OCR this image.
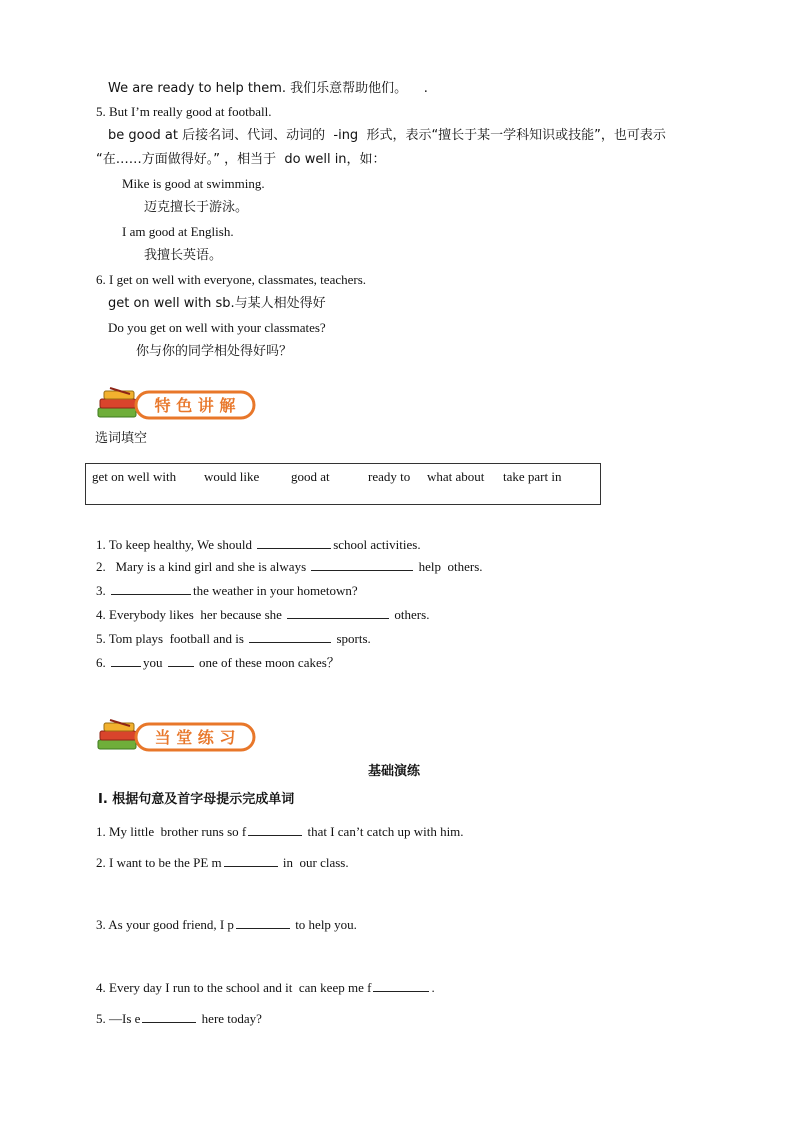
We are ready to help them. 我们乐意帮助他们。    .
5. But I’m really good at football.
be good at 后接名词、代词、动词的  -ing  形式，表示“擅长于某一学科知识或技能”，也可表示
“在……方面做得好。” ，相当于  do well in，如：
Mike is good at swimming.
迈克擅长于游泳。
I am good at English.
我擅长英语。
6. I get on well with everyone, classmates, teachers.
get on well with sb.与某人相处得好
Do you get on well with your classmates?
你与你的同学相处得好吗？
特 色 讲 解
选词填空
get on well with would like good at	ready to what about take part in
1. To keep healthy, We should	school activities.
2.   Mary is a kind girl and she is always	help  others.
3.	the weather in your hometown?
4. Everybody likes  her because she	others.
5. Tom plays  football and is	sports.
6.	you  one of these moon cakes？
当 堂 练 习
基础演练
Ⅰ. 根据句意及首字母提示完成单词
1. My little  brother runs so f	that I can’t catch up with him.
2. I want to be the PE m	in  our class.
3. As your good friend, I p	to help you.
4. Every day I run to the school and it  can keep me f	.
5. —Is e	here today?
